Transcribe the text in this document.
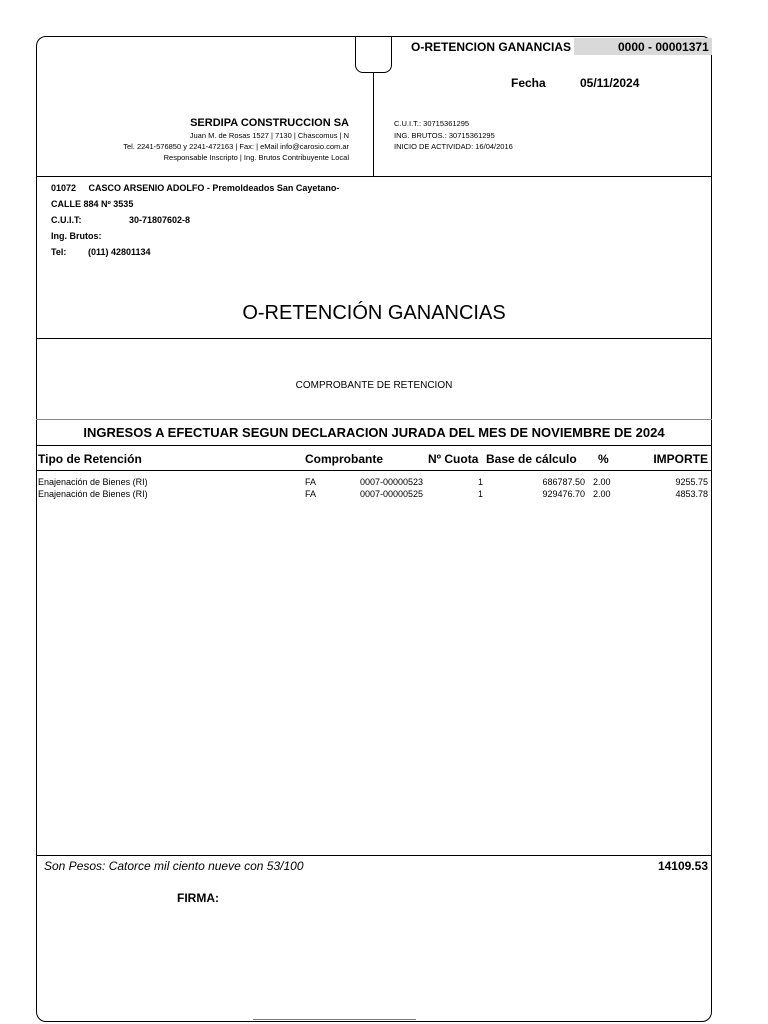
O-RETENCION GANANCIAS	0000 - 00001371
Fecha	05/11/2024
SERDIPA CONSTRUCCION SA
Juan M. de Rosas 1527 | 7130 | Chascomus | N
Tel. 2241-576850 y 2241-472163 | Fax: | eMail info@carosio.com.ar
Responsable Inscripto | Ing. Brutos Contribuyente Local
C.U.I.T.: 30715361295
ING. BRUTOS.: 30715361295
INICIO DE ACTIVIDAD: 16/04/2016
01072     CASCO ARSENIO ADOLFO - Premoldeados San Cayetano-
CALLE 884 Nº 3535
C.U.I.T:	30-71807602-8
Ing. Brutos:
Tel: (011) 42801134
O-RETENCIÓN GANANCIAS
COMPROBANTE DE RETENCION
INGRESOS A EFECTUAR SEGUN DECLARACION JURADA DEL MES DE NOVIEMBRE DE 2024
Tipo de Retención	Comprobante	Nº Cuota Base de cálculo %	IMPORTE
Enajenación de Bienes (RI)	FA	0007-00000523	1	686787.50 2.00	9255.75
Enajenación de Bienes (RI)	FA	0007-00000525	1	929476.70 2.00	4853.78
Son Pesos: Catorce mil ciento nueve con 53/100	14109.53
FIRMA:
